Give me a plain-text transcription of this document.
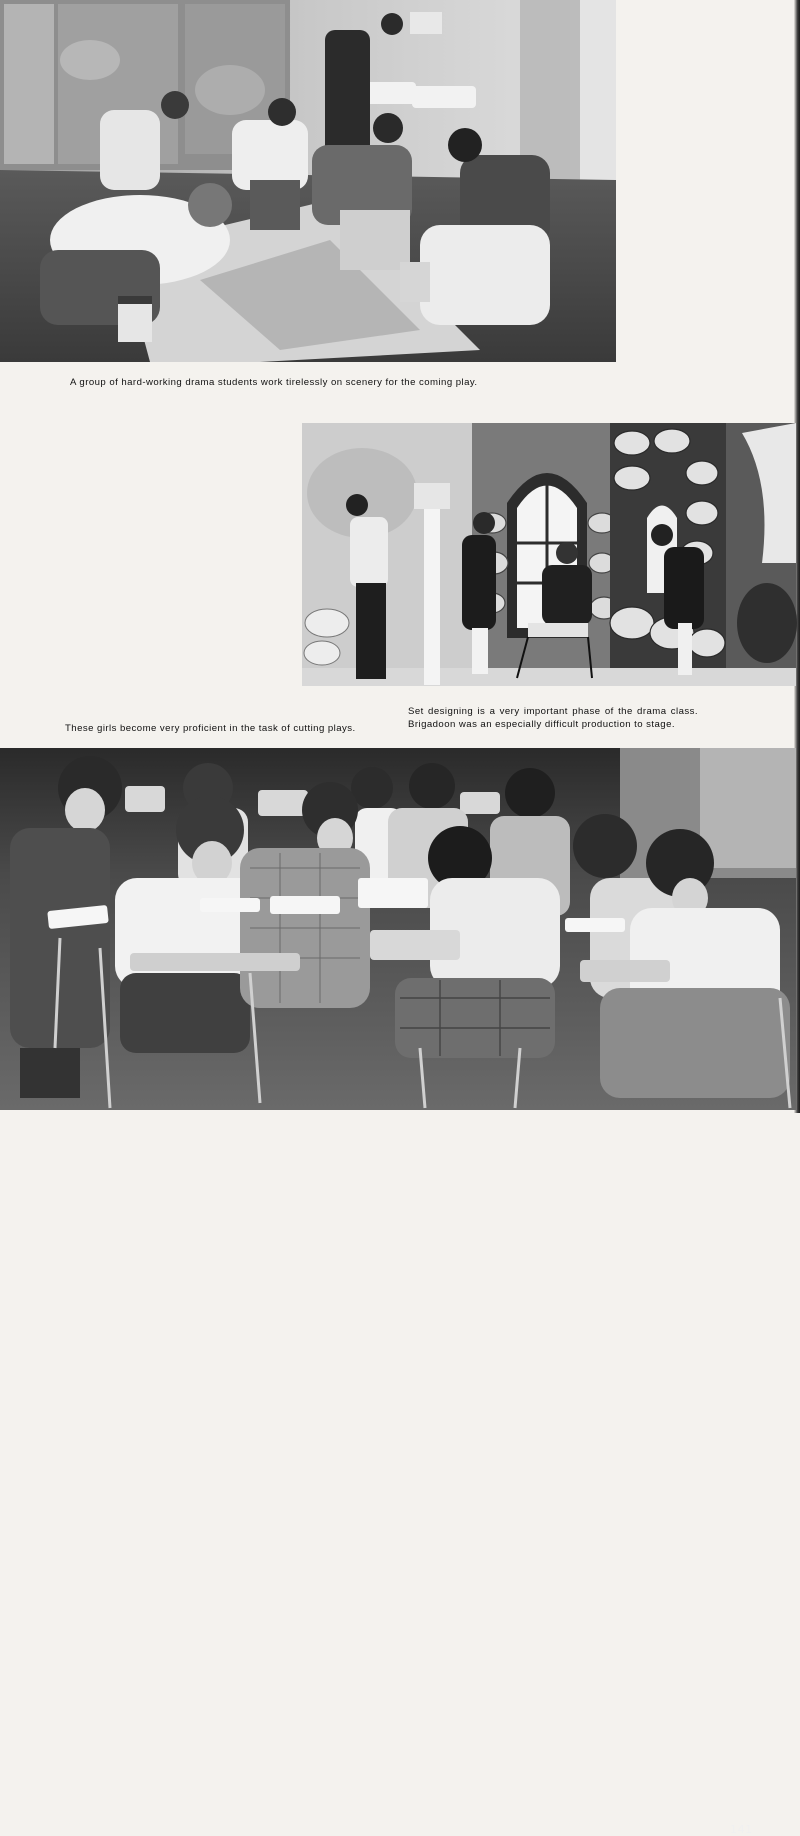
A group of hard-working drama students work tirelessly on scenery for the coming play.
These girls become very proficient in the task of cutting plays.
Set designing is a very important phase of the drama class. Brigadoon was an especially difficult production to stage.
141
